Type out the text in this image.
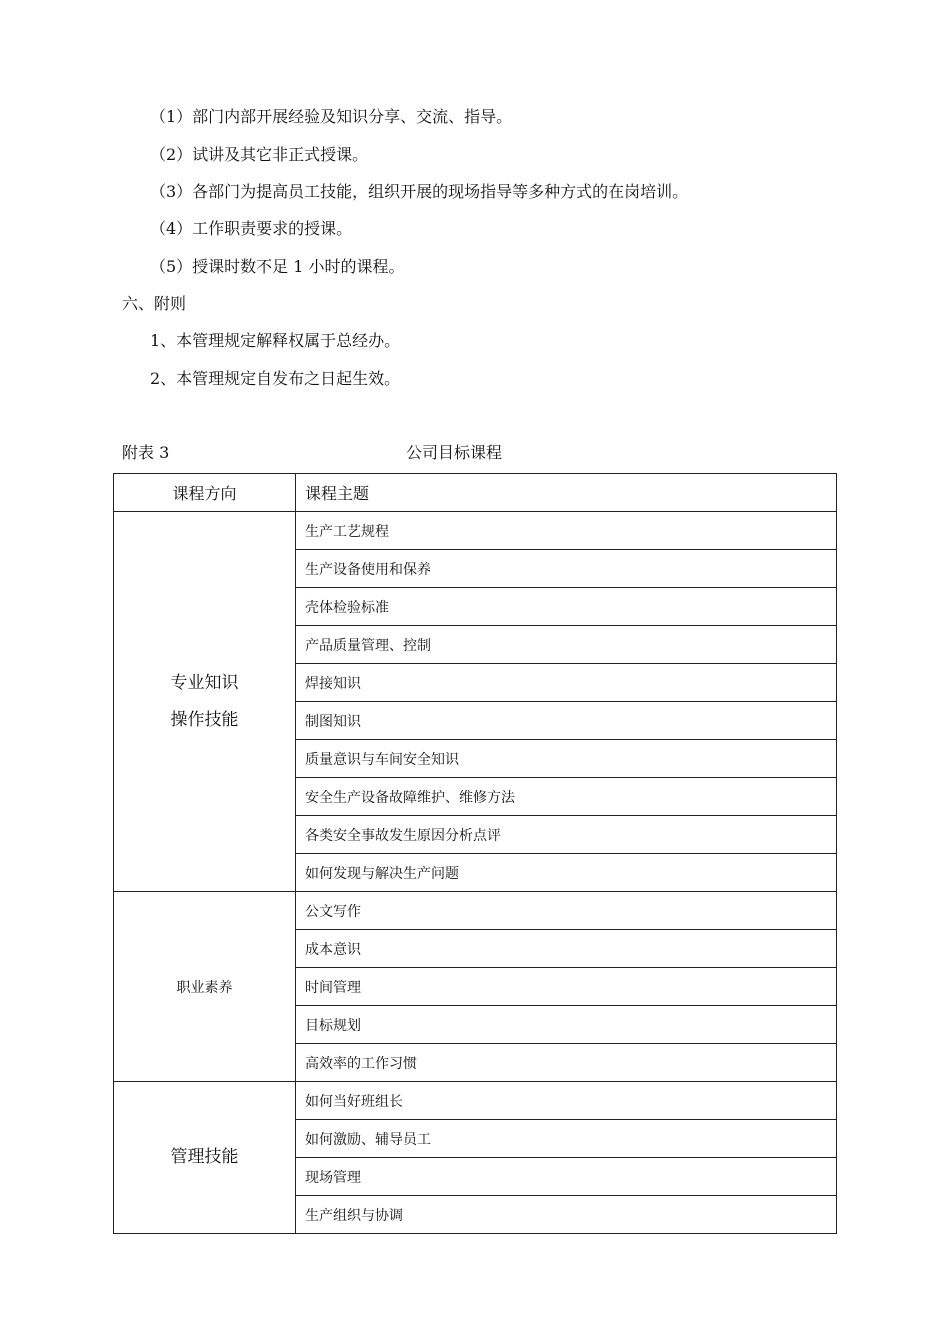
（1）部门内部开展经验及知识分享、交流、指导。
（2）试讲及其它非正式授课。
（3）各部门为提高员工技能，组织开展的现场指导等多种方式的在岗培训。
（4）工作职责要求的授课。
（5）授课时数不足 1 小时的课程。
六、附则
1、本管理规定解释权属于总经办。
2、本管理规定自发布之日起生效。
附表 3	公司目标课程
课程方向	课程主题

专业知识
操作技能	生产工艺规程
	生产设备使用和保养
	壳体检验标准
	产品质量管理、控制
	焊接知识
	制图知识
	质量意识与车间安全知识
	安全生产设备故障维护、维修方法
	各类安全事故发生原因分析点评
	如何发现与解决生产问题

职业素养	公文写作
	成本意识
	时间管理
	目标规划
	高效率的工作习惯

管理技能	如何当好班组长
	如何激励、辅导员工
	现场管理
	生产组织与协调
